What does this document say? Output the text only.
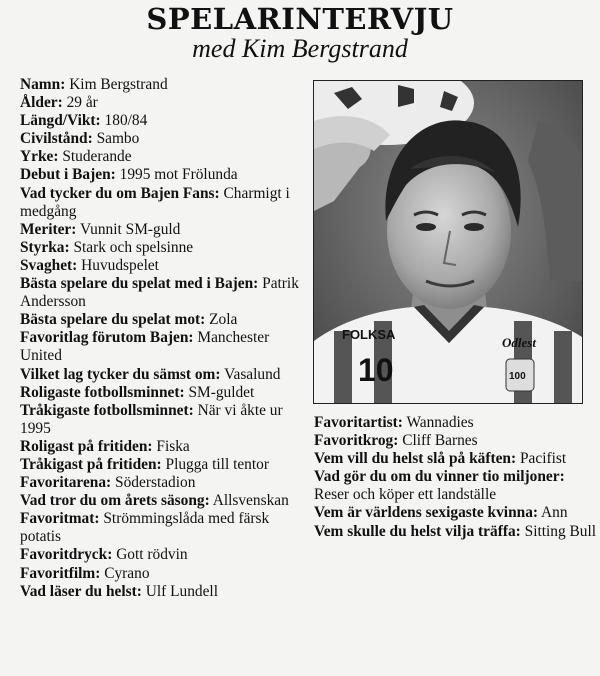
SPELARINTERVJU
med Kim Bergstrand
Namn: Kim Bergstrand
Ålder: 29 år
Längd/Vikt: 180/84
Civilstånd: Sambo
Yrke: Studerande
Debut i Bajen: 1995 mot Frölunda
Vad tycker du om Bajen Fans: Charmigt i medgång
Meriter: Vunnit SM-guld
Styrka: Stark och spelsinne
Svaghet: Huvudspelet
Bästa spelare du spelat med i Bajen: Patrik Andersson
Bästa spelare du spelat mot: Zola
Favoritlag förutom Bajen: Manchester United
Vilket lag tycker du sämst om: Vasalund
Roligaste fotbollsminnet: SM-guldet
Tråkigaste fotbollsminnet: När vi åkte ur 1995
Roligast på fritiden: Fiska
Tråkigast på fritiden: Plugga till tentor
Favoritarena: Söderstadion
Vad tror du om årets säsong: Allsvenskan
Favoritmat: Strömmingslåda med färsk potatis
Favoritdryck: Gott rödvin
Favoritfilm: Cyrano
Vad läser du helst: Ulf Lundell
FOLKSA
10
Odlest
100
Favoritartist: Wannadies
Favoritkrog: Cliff Barnes
Vem vill du helst slå på käften: Pacifist
Vad gör du om du vinner tio miljoner: Reser och köper ett landställe
Vem är världens sexigaste kvinna: Ann
Vem skulle du helst vilja träffa: Sitting Bull
